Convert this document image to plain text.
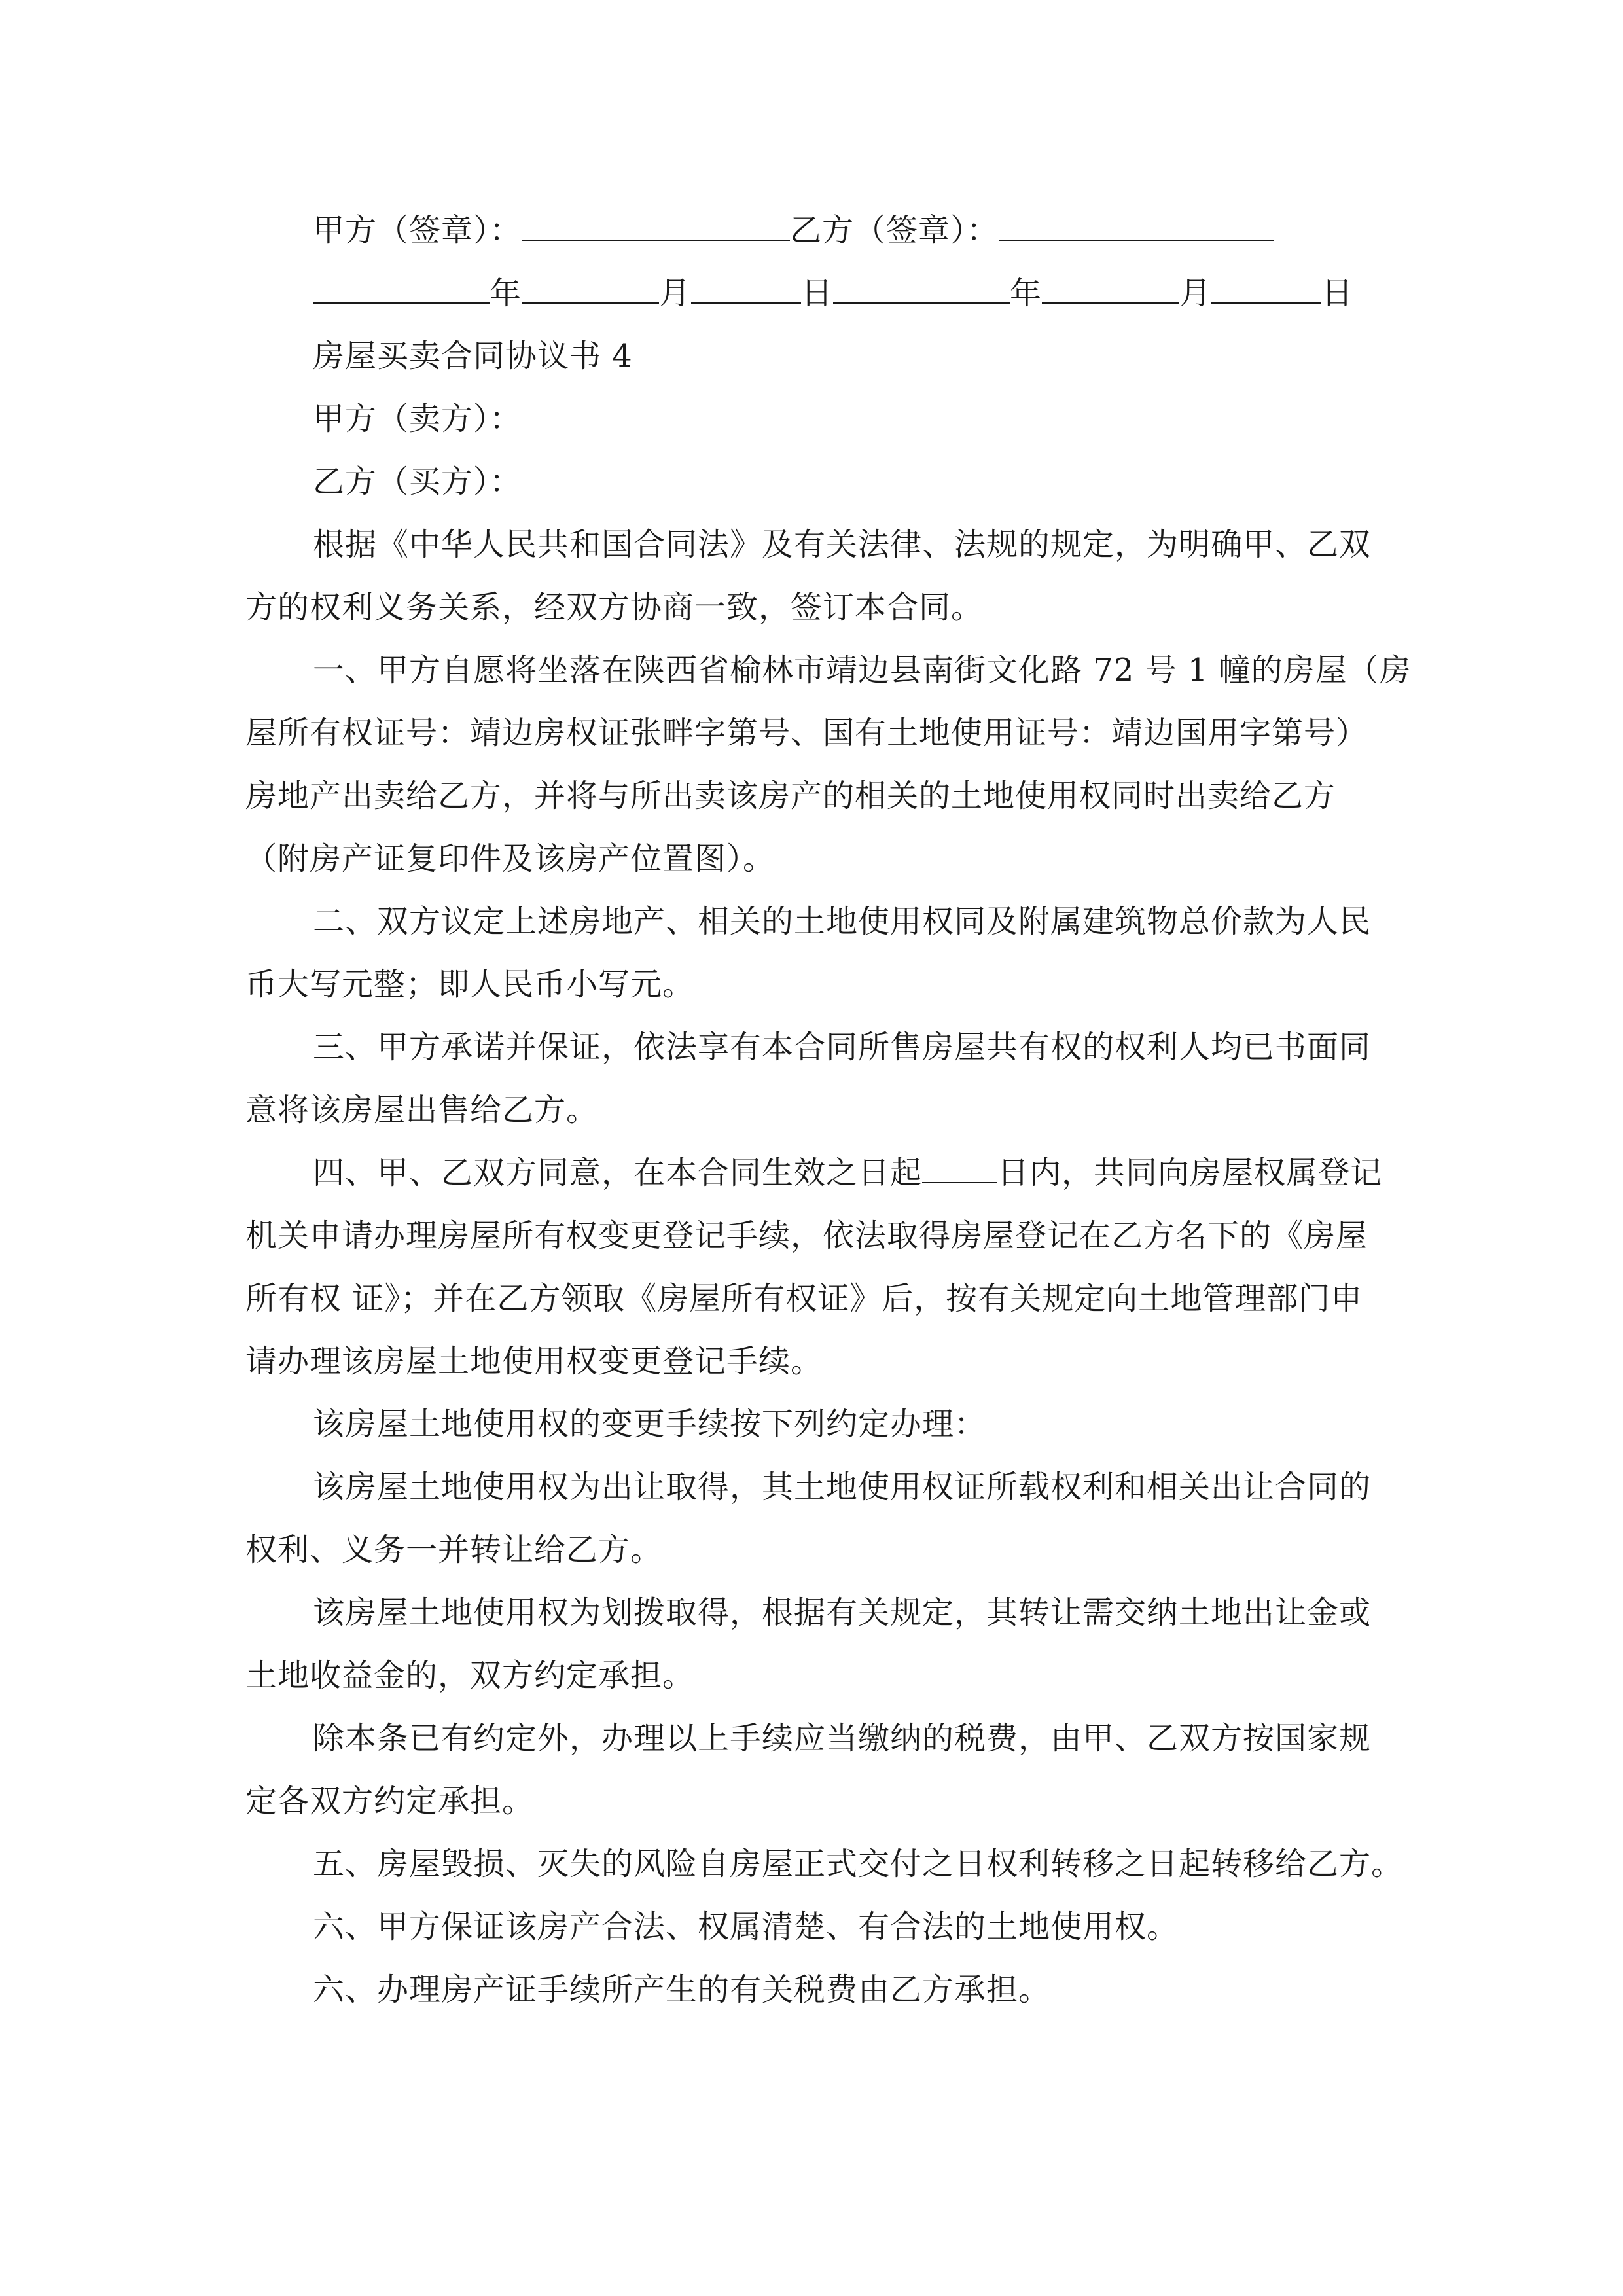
甲方（签章）：	乙方（签章）：
年	月	日	年	月	日
房屋买卖合同协议书 4
甲方（卖方）：
乙方（买方）：
根据《中华人民共和国合同法》及有关法律、法规的规定，为明确甲、乙双
方的权利义务关系，经双方协商一致，签订本合同。
一、甲方自愿将坐落在陕西省榆林市靖边县南街文化路 72 号 1 幢的房屋（房
屋所有权证号：靖边房权证张畔字第号、国有土地使用证号：靖边国用字第号）
房地产出卖给乙方，并将与所出卖该房产的相关的土地使用权同时出卖给乙方
（附房产证复印件及该房产位置图）。
二、双方议定上述房地产、相关的土地使用权同及附属建筑物总价款为人民
币大写元整；即人民币小写元。
三、甲方承诺并保证，依法享有本合同所售房屋共有权的权利人均已书面同
意将该房屋出售给乙方。
四、甲、乙双方同意，在本合同生效之日起 日内，共同向房屋权属登记
机关申请办理房屋所有权变更登记手续，依法取得房屋登记在乙方名下的《房屋
所有权 证》；并在乙方领取《房屋所有权证》后，按有关规定向土地管理部门申
请办理该房屋土地使用权变更登记手续。
该房屋土地使用权的变更手续按下列约定办理：
该房屋土地使用权为出让取得，其土地使用权证所载权利和相关出让合同的
权利、义务一并转让给乙方。
该房屋土地使用权为划拨取得，根据有关规定，其转让需交纳土地出让金或
土地收益金的，双方约定承担。
除本条已有约定外，办理以上手续应当缴纳的税费，由甲、乙双方按国家规
定各双方约定承担。
五、房屋毁损、灭失的风险自房屋正式交付之日权利转移之日起转移给乙方。
六、甲方保证该房产合法、权属清楚、有合法的土地使用权。
六、办理房产证手续所产生的有关税费由乙方承担。
